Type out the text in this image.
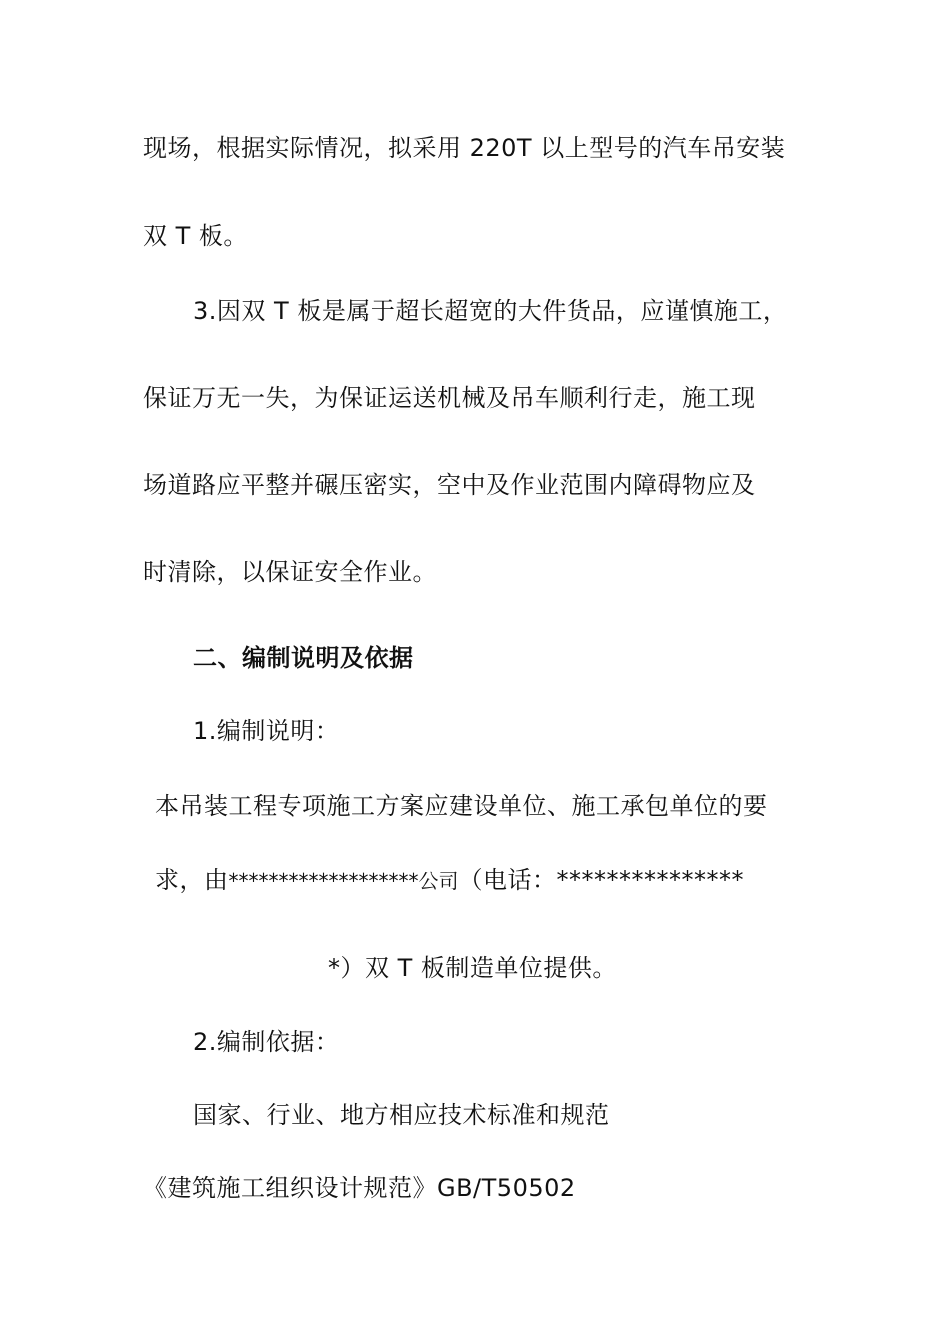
现场，根据实际情况，拟采用 220T 以上型号的汽车吊安装
双 T 板。
3.因双 T 板是属于超长超宽的大件货品，应谨慎施工，
保证万无一失，为保证运送机械及吊车顺利行走，施工现
场道路应平整并碾压密实，空中及作业范围内障碍物应及
时清除，以保证安全作业。
二、编制说明及依据
1.编制说明：
本吊装工程专项施工方案应建设单位、施工承包单位的要
求，由*******************公司（电话：***************
*）双 T 板制造单位提供。
2.编制依据：
国家、行业、地方相应技术标准和规范
《建筑施工组织设计规范》GB/T50502
